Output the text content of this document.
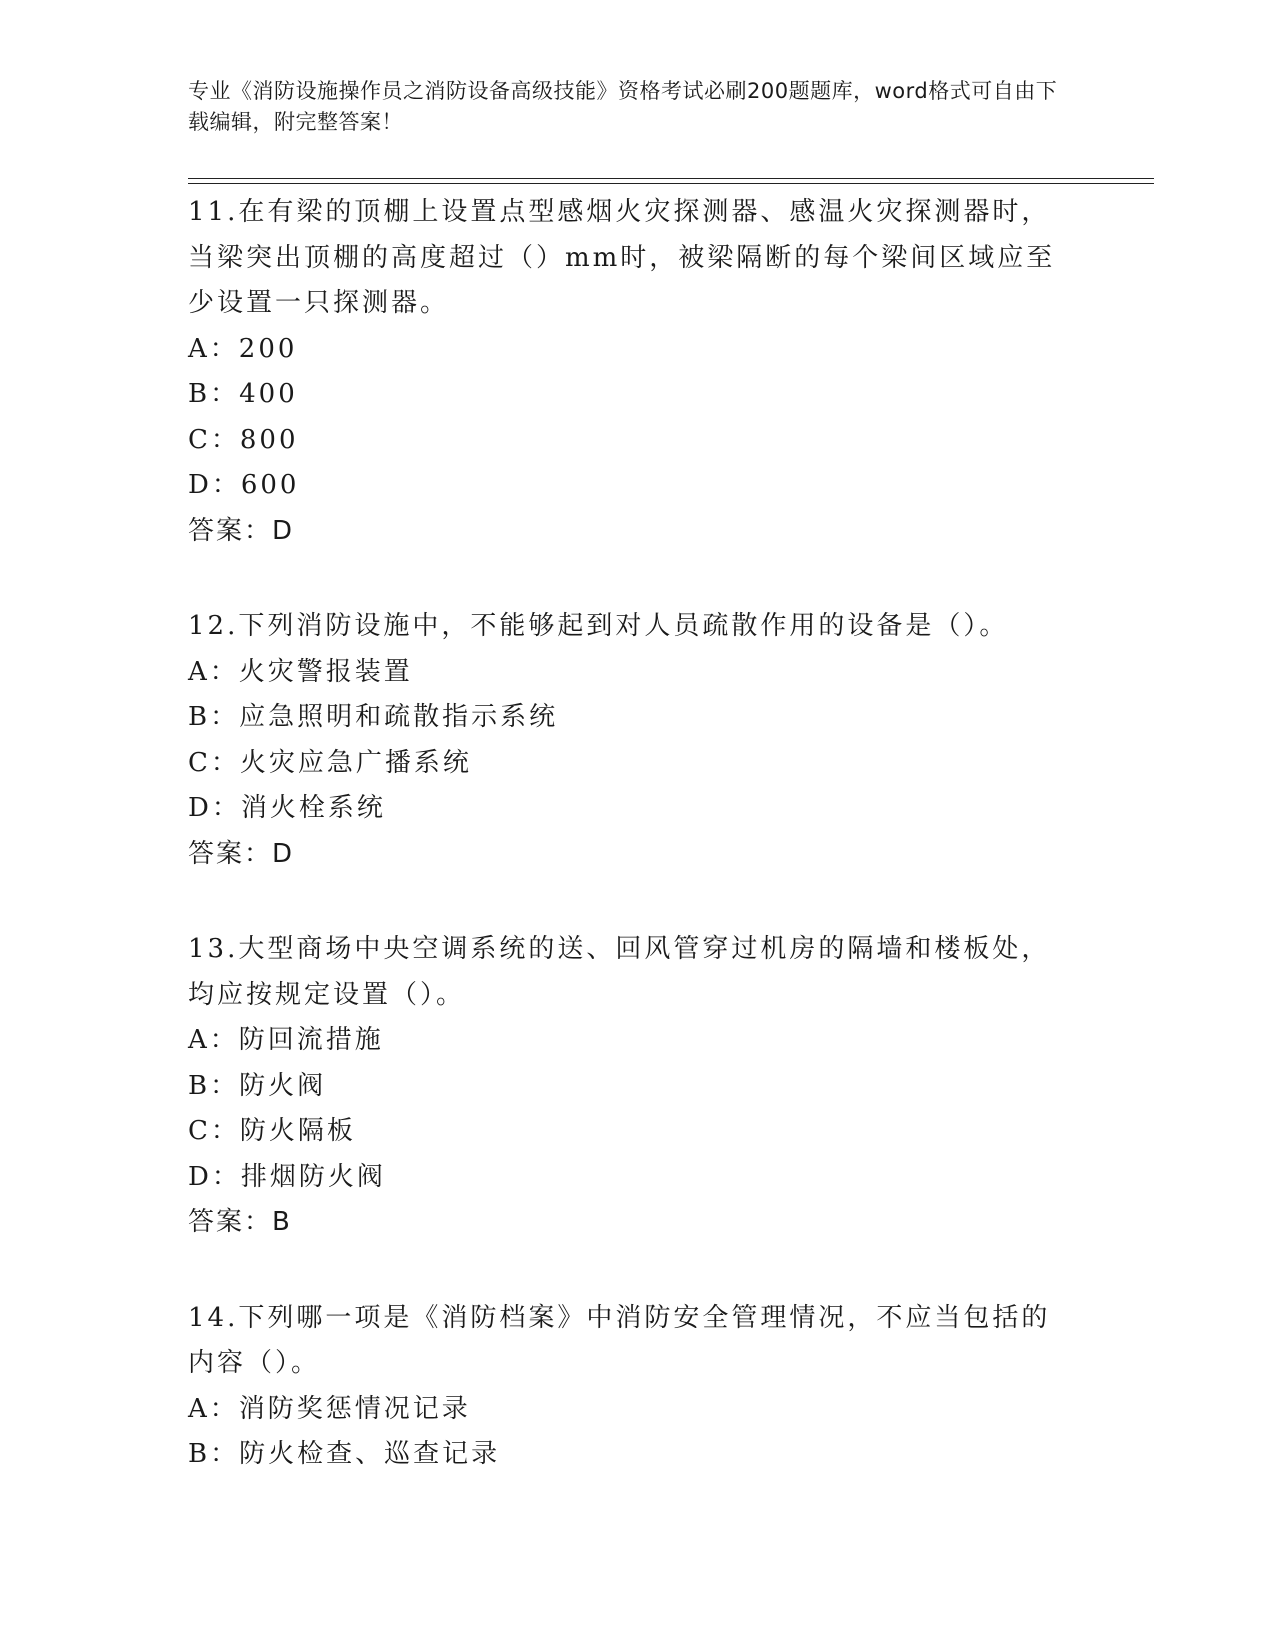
专业《消防设施操作员之消防设备高级技能》资格考试必刷200题题库，word格式可自由下载编辑，附完整答案！

11.在有梁的顶棚上设置点型感烟火灾探测器、感温火灾探测器时，当梁突出顶棚的高度超过（）mm时，被梁隔断的每个梁间区域应至少设置一只探测器。

A：200

B：400

C：800

D：600

答案：D

12.下列消防设施中，不能够起到对人员疏散作用的设备是（）。

A：火灾警报装置

B：应急照明和疏散指示系统

C：火灾应急广播系统

D：消火栓系统

答案：D

13.大型商场中央空调系统的送、回风管穿过机房的隔墙和楼板处，均应按规定设置（）。

A：防回流措施

B：防火阀

C：防火隔板

D：排烟防火阀

答案：B

14.下列哪一项是《消防档案》中消防安全管理情况，不应当包括的内容（）。

A：消防奖惩情况记录

B：防火检查、巡查记录
